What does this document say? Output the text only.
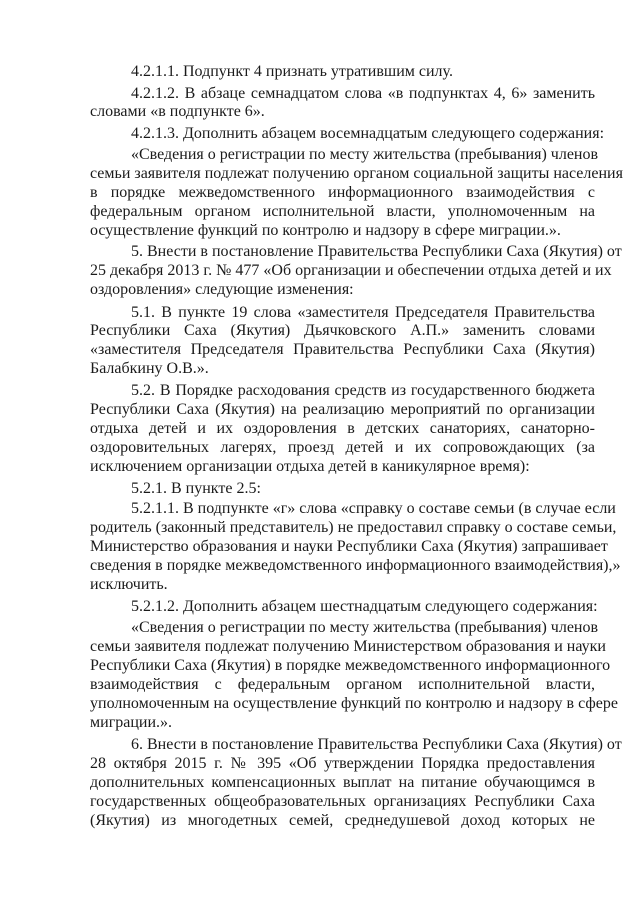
4.2.1.1. Подпункт 4 признать утратившим силу.
4.2.1.2. В абзаце семнадцатом слова «в подпунктах 4, 6» заменить
словами «в подпункте 6».
4.2.1.3. Дополнить абзацем восемнадцатым следующего содержания:
«Сведения о регистрации по месту жительства (пребывания) членов
семьи заявителя подлежат получению органом социальной защиты населения
в порядке межведомственного информационного взаимодействия с
федеральным органом исполнительной власти, уполномоченным на
осуществление функций по контролю и надзору в сфере миграции.».
5. Внести в постановление Правительства Республики Саха (Якутия) от
25 декабря 2013 г. № 477 «Об организации и обеспечении отдыха детей и их
оздоровления» следующие изменения:
5.1. В пункте 19 слова «заместителя Председателя Правительства
Республики Саха (Якутия) Дьячковского А.П.» заменить словами
«заместителя Председателя Правительства Республики Саха (Якутия)
Балабкину О.В.».
5.2. В Порядке расходования средств из государственного бюджета
Республики Саха (Якутия) на реализацию мероприятий по организации
отдыха детей и их оздоровления в детских санаториях, санаторно-
оздоровительных лагерях, проезд детей и их сопровождающих (за
исключением организации отдыха детей в каникулярное время):
5.2.1. В пункте 2.5:
5.2.1.1. В подпункте «г» слова «справку о составе семьи (в случае если
родитель (законный представитель) не предоставил справку о составе семьи,
Министерство образования и науки Республики Саха (Якутия) запрашивает
сведения в порядке межведомственного информационного взаимодействия),»
исключить.
5.2.1.2. Дополнить абзацем шестнадцатым следующего содержания:
«Сведения о регистрации по месту жительства (пребывания) членов
семьи заявителя подлежат получению Министерством образования и науки
Республики Саха (Якутия) в порядке межведомственного информационного
взаимодействия с федеральным органом исполнительной власти,
уполномоченным на осуществление функций по контролю и надзору в сфере
миграции.».
6. Внести в постановление Правительства Республики Саха (Якутия) от
28 октября 2015 г. № 395 «Об утверждении Порядка предоставления
дополнительных компенсационных выплат на питание обучающимся в
государственных общеобразовательных организациях Республики Саха
(Якутия) из многодетных семей, среднедушевой доход которых не
